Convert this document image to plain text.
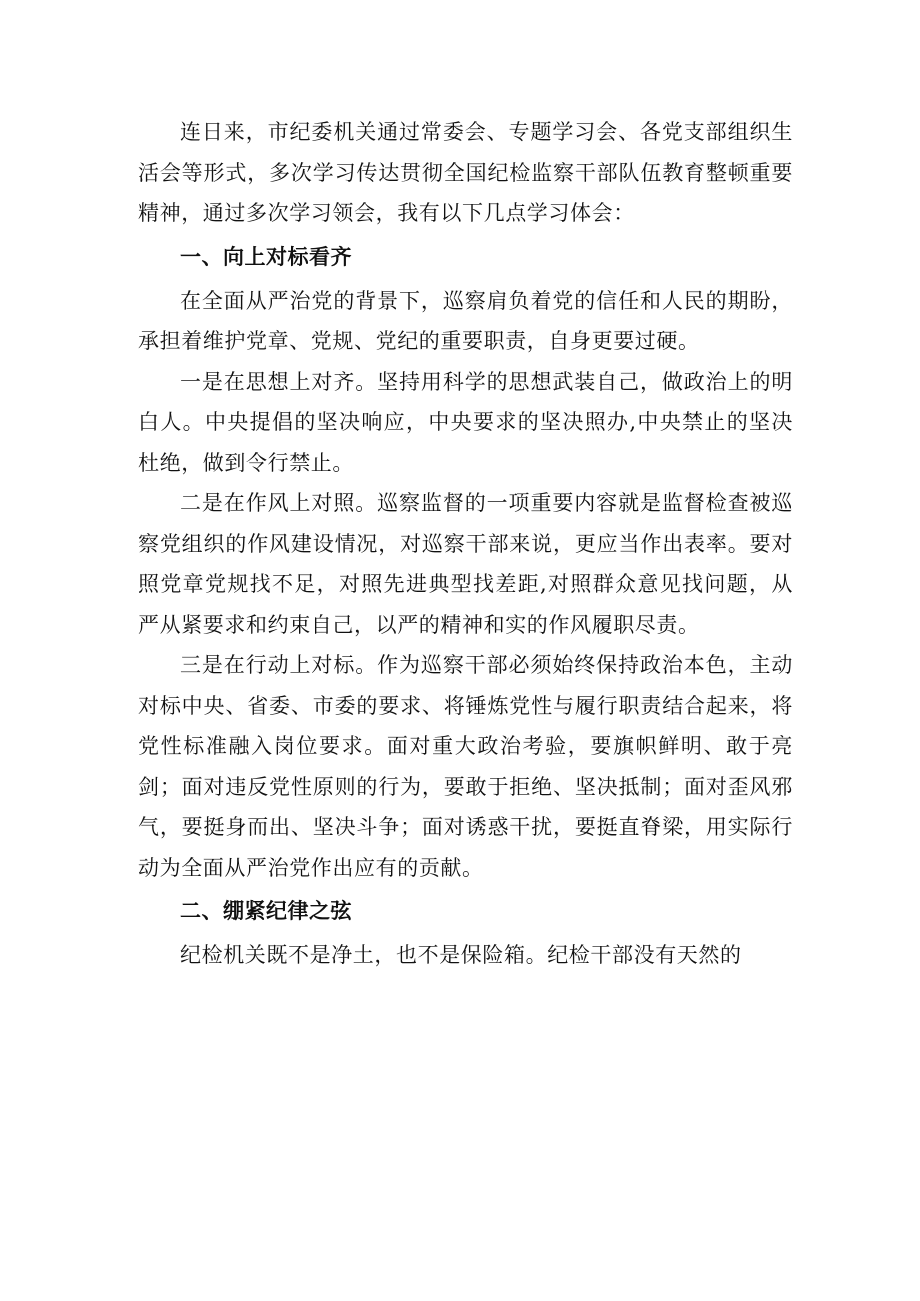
连日来，市纪委机关通过常委会、专题学习会、各党支部组织生活会等形式，多次学习传达贯彻全国纪检监察干部队伍教育整顿重要精神，通过多次学习领会，我有以下几点学习体会：

一、向上对标看齐

在全面从严治党的背景下，巡察肩负着党的信任和人民的期盼，承担着维护党章、党规、党纪的重要职责，自身更要过硬。

一是在思想上对齐。坚持用科学的思想武装自己，做政治上的明白人。中央提倡的坚决响应，中央要求的坚决照办,中央禁止的坚决杜绝，做到令行禁止。

二是在作风上对照。巡察监督的一项重要内容就是监督检查被巡察党组织的作风建设情况，对巡察干部来说，更应当作出表率。要对照党章党规找不足，对照先进典型找差距,对照群众意见找问题，从严从紧要求和约束自己，以严的精神和实的作风履职尽责。

三是在行动上对标。作为巡察干部必须始终保持政治本色，主动对标中央、省委、市委的要求、将锤炼党性与履行职责结合起来，将党性标准融入岗位要求。面对重大政治考验，要旗帜鲜明、敢于亮剑；面对违反党性原则的行为，要敢于拒绝、坚决抵制；面对歪风邪气，要挺身而出、坚决斗争；面对诱惑干扰，要挺直脊梁，用实际行动为全面从严治党作出应有的贡献。

二、绷紧纪律之弦

纪检机关既不是净土，也不是保险箱。纪检干部没有天然的
